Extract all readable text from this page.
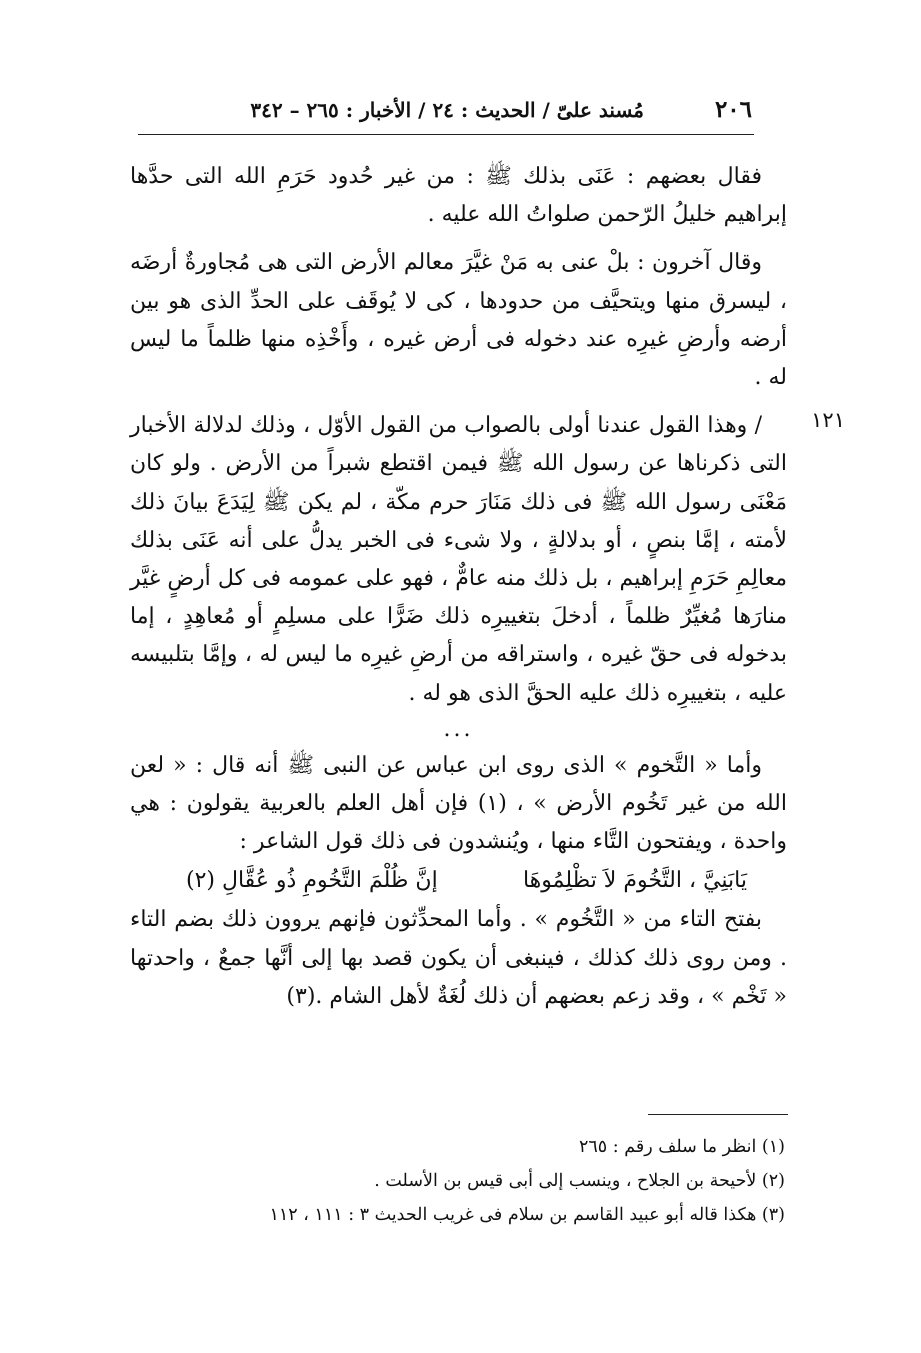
٢٠٦
مُسند علىّ / الحديث : ٢٤ / الأخبار : ٢٦٥ – ٣٤٢
١٢١

فقال بعضهم : عَنَى بذلك ﷺ : من غير حُدود حَرَمِ الله التى حدَّها إبراهيم خليلُ الرّحمن صلواتُ الله عليه .

وقال آخرون : بلْ عنى به مَنْ غيَّرَ معالم الأرض التى هى مُجاورةٌ أرضَه ، ليسرق منها ويتحيَّف من حدودها ، كى لا يُوقَف على الحدِّ الذى هو بين أرضه وأرضِ غيرِه عند دخوله فى أرض غيره ، وأَخْذِه منها ظلماً ما ليس له .

/ وهذا القول عندنا أولى بالصواب من القول الأوّل ، وذلك لدلالة الأخبار التى ذكرناها عن رسول الله ﷺ فيمن اقتطع شبراً من الأرض . ولو كان مَعْنَى رسول الله ﷺ فى ذلك مَنَارَ حرم مكّة ، لم يكن ﷺ لِيَدَعَ بيانَ ذلك لأمته ، إمَّا بنصٍ ، أو بدلالةٍ ، ولا شىء فى الخبر يدلُّ على أنه عَنَى بذلك معالِمِ حَرَمِ إبراهيم ، بل ذلك منه عامٌّ ، فهو على عمومه فى كل أرضٍ غيَّر منارَها مُغيِّرٌ ظلماً ، أدخلَ بتغييرِه ذلك ضَرًّا على مسلِمٍ أو مُعاهِدٍ ، إما بدخوله فى حقّ غيره ، واستراقه من أرضِ غيرِه ما ليس له ، وإمَّا بتلبيسه عليه ، بتغييرِه ذلك عليه الحقَّ الذى هو له .

...

وأما « التَّخوم » الذى روى ابن عباس عن النبى ﷺ أنه قال : « لعن الله من غير تَخُوم الأرض » ، (١) فإن أهل العلم بالعربية يقولون : هي واحدة ، ويفتحون التَّاء منها ، ويُنشدون فى ذلك قول الشاعر :

يَابَنِيَّ ، التَّخُومَ لاَ تظْلِمُوهَا
إنَّ ظُلْمَ التَّخُومِ ذُو عُقَّالِ (٢)

بفتح التاء من « التَّخُوم » . وأما المحدِّثون فإنهم يروون ذلك بضم التاء . ومن روى ذلك كذلك ، فينبغى أن يكون قصد بها إلى أنَّها جمعٌ ، واحدتها « تَخْم » ، وقد زعم بعضهم أن ذلك لُغَةٌ لأهل الشام .(٣)

(١) انظر ما سلف رقم : ٢٦٥
(٢) لأحيحة بن الجلاح ، وينسب إلى أبى قيس بن الأسلت .
(٣) هكذا قاله أبو عبيد القاسم بن سلام فى غريب الحديث ٣ : ١١١ ، ١١٢
